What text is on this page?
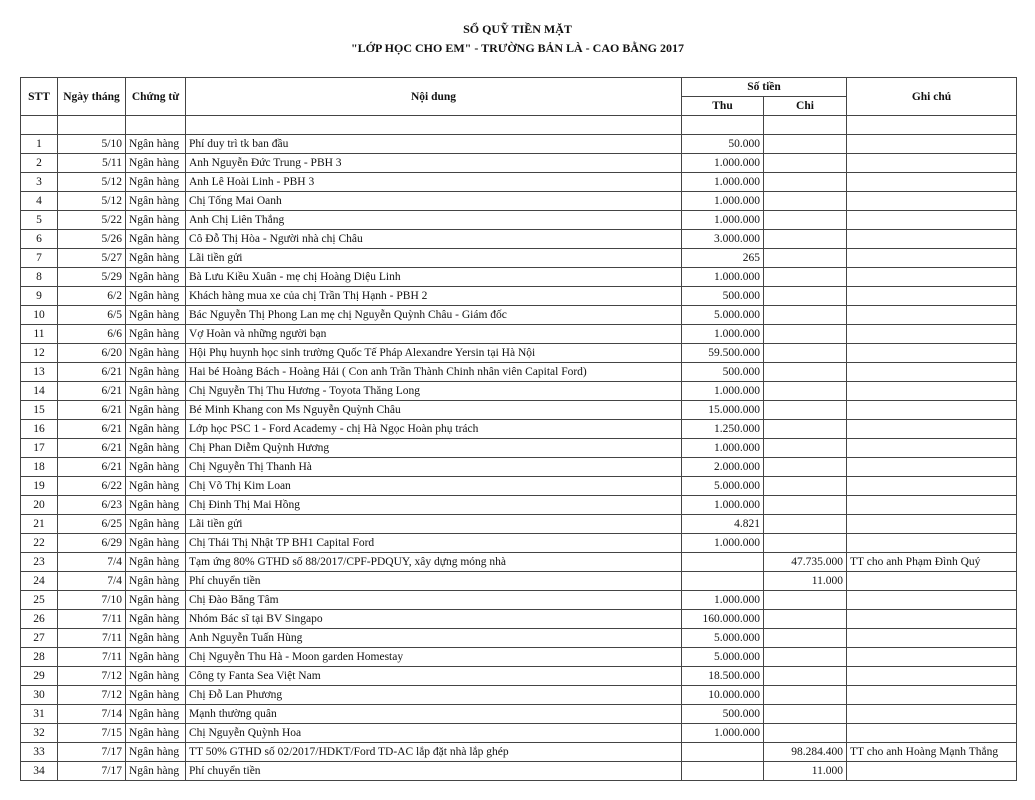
SỔ QUỸ TIỀN MẶT
"LỚP HỌC CHO EM" - TRƯỜNG BẢN LÀ - CAO BẰNG 2017
STT	Ngày tháng	Chứng từ	Nội dung	Số tiền		Ghi chú
				Thu	Chi	

1	5/10	Ngân hàng	Phí duy trì tk ban đầu	50.000		
2	5/11	Ngân hàng	Anh Nguyễn Đức Trung - PBH 3	1.000.000		
3	5/12	Ngân hàng	Anh Lê Hoài Linh - PBH 3	1.000.000		
4	5/12	Ngân hàng	Chị Tống Mai Oanh	1.000.000		
5	5/22	Ngân hàng	Anh Chị Liên Thắng	1.000.000		
6	5/26	Ngân hàng	Cô Đỗ Thị Hòa - Người nhà chị Châu	3.000.000		
7	5/27	Ngân hàng	Lãi tiền gửi	265		
8	5/29	Ngân hàng	Bà Lưu Kiều Xuân - mẹ chị Hoàng Diệu Linh	1.000.000		
9	6/2	Ngân hàng	Khách hàng mua xe của chị Trần Thị Hạnh - PBH 2	500.000		
10	6/5	Ngân hàng	Bác Nguyễn Thị Phong Lan mẹ chị Nguyễn Quỳnh Châu - Giám đốc	5.000.000		
11	6/6	Ngân hàng	Vợ Hoàn và những người bạn	1.000.000		
12	6/20	Ngân hàng	Hội Phụ huynh học sinh trường Quốc Tế Pháp Alexandre Yersin tại Hà Nội	59.500.000		
13	6/21	Ngân hàng	Hai bé Hoàng Bách - Hoàng Hải ( Con anh Trần Thành Chinh nhân viên Capital Ford)	500.000		
14	6/21	Ngân hàng	Chị Nguyễn Thị Thu Hương - Toyota Thăng Long	1.000.000		
15	6/21	Ngân hàng	Bé Minh Khang con Ms Nguyễn Quỳnh Châu	15.000.000		
16	6/21	Ngân hàng	Lớp học PSC 1 - Ford Academy - chị Hà Ngọc Hoàn phụ trách	1.250.000		
17	6/21	Ngân hàng	Chị Phan Diễm Quỳnh Hương	1.000.000		
18	6/21	Ngân hàng	Chị Nguyễn Thị Thanh Hà	2.000.000		
19	6/22	Ngân hàng	Chị Võ Thị Kim Loan	5.000.000		
20	6/23	Ngân hàng	Chị Đinh Thị Mai Hồng	1.000.000		
21	6/25	Ngân hàng	Lãi tiền gửi	4.821		
22	6/29	Ngân hàng	Chị Thái Thị Nhật TP BH1 Capital Ford	1.000.000		
23	7/4	Ngân hàng	Tạm ứng 80% GTHD số 88/2017/CPF-PDQUY, xây dựng móng nhà		47.735.000	TT cho anh Phạm Đình Quý
24	7/4	Ngân hàng	Phí chuyển tiền		11.000	
25	7/10	Ngân hàng	Chị Đào Băng Tâm	1.000.000		
26	7/11	Ngân hàng	Nhóm Bác sĩ tại BV Singapo	160.000.000		
27	7/11	Ngân hàng	Anh Nguyễn Tuấn Hùng	5.000.000		
28	7/11	Ngân hàng	Chị Nguyễn Thu Hà - Moon garden Homestay	5.000.000		
29	7/12	Ngân hàng	Công ty Fanta Sea Việt Nam	18.500.000		
30	7/12	Ngân hàng	Chị Đỗ Lan Phương	10.000.000		
31	7/14	Ngân hàng	Mạnh thường quân	500.000		
32	7/15	Ngân hàng	Chị Nguyễn Quỳnh Hoa	1.000.000		
33	7/17	Ngân hàng	TT 50% GTHD số 02/2017/HDKT/Ford TD-AC lắp đặt nhà lắp ghép		98.284.400	TT cho anh Hoàng Mạnh Thắng
34	7/17	Ngân hàng	Phí chuyển tiền		11.000	
